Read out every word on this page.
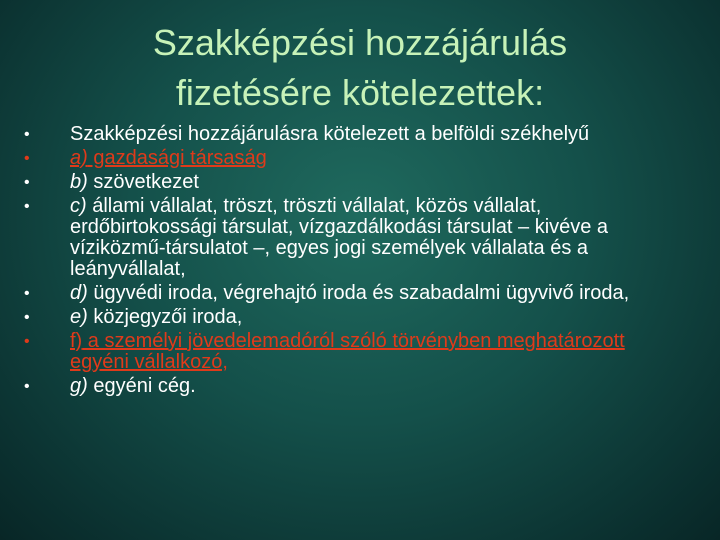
Szakképzési hozzájárulás
fizetésére kötelezettek:
•	Szakképzési hozzájárulásra kötelezett a belföldi székhelyű
•	a) gazdasági társaság
•	b) szövetkezet
•	c) állami vállalat, tröszt, tröszti vállalat, közös vállalat, erdőbirtokossági társulat, vízgazdálkodási társulat – kivéve a víziközmű-társulatot –, egyes jogi személyek vállalata és a leányvállalat,
•	d) ügyvédi iroda, végrehajtó iroda és szabadalmi ügyvivő iroda,
•	e) közjegyzői iroda,
•	f) a személyi jövedelemadóról szóló törvényben meghatározott egyéni vállalkozó,
•	g) egyéni cég.
